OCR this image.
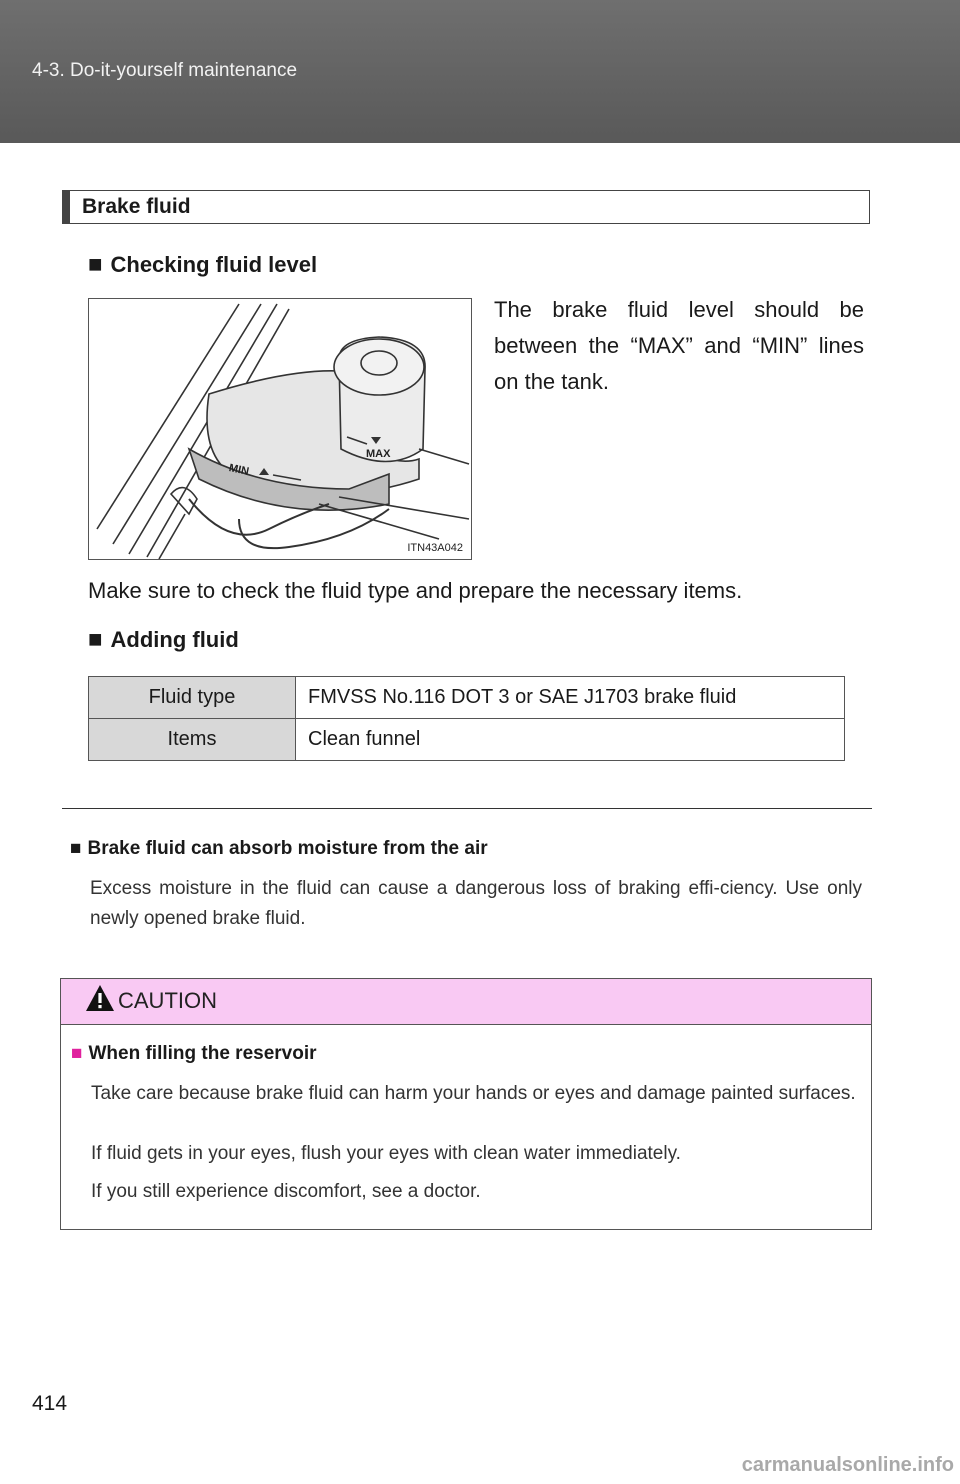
4-3. Do-it-yourself maintenance
Brake fluid
■ Checking fluid level
MAX
MIN
ITN43A042
The brake fluid level should be between the “MAX” and “MIN” lines on the tank.
Make sure to check the fluid type and prepare the necessary items.
■ Adding fluid
Fluid type	FMVSS No.116 DOT 3 or SAE J1703 brake fluid
Items	Clean funnel
■ Brake fluid can absorb moisture from the air
Excess moisture in the fluid can cause a dangerous loss of braking effi-ciency. Use only newly opened brake fluid.
CAUTION
■ When filling the reservoir
Take care because brake fluid can harm your hands or eyes and damage painted surfaces.
If fluid gets in your eyes, flush your eyes with clean water immediately.
If you still experience discomfort, see a doctor.
414
carmanualsonline.info
